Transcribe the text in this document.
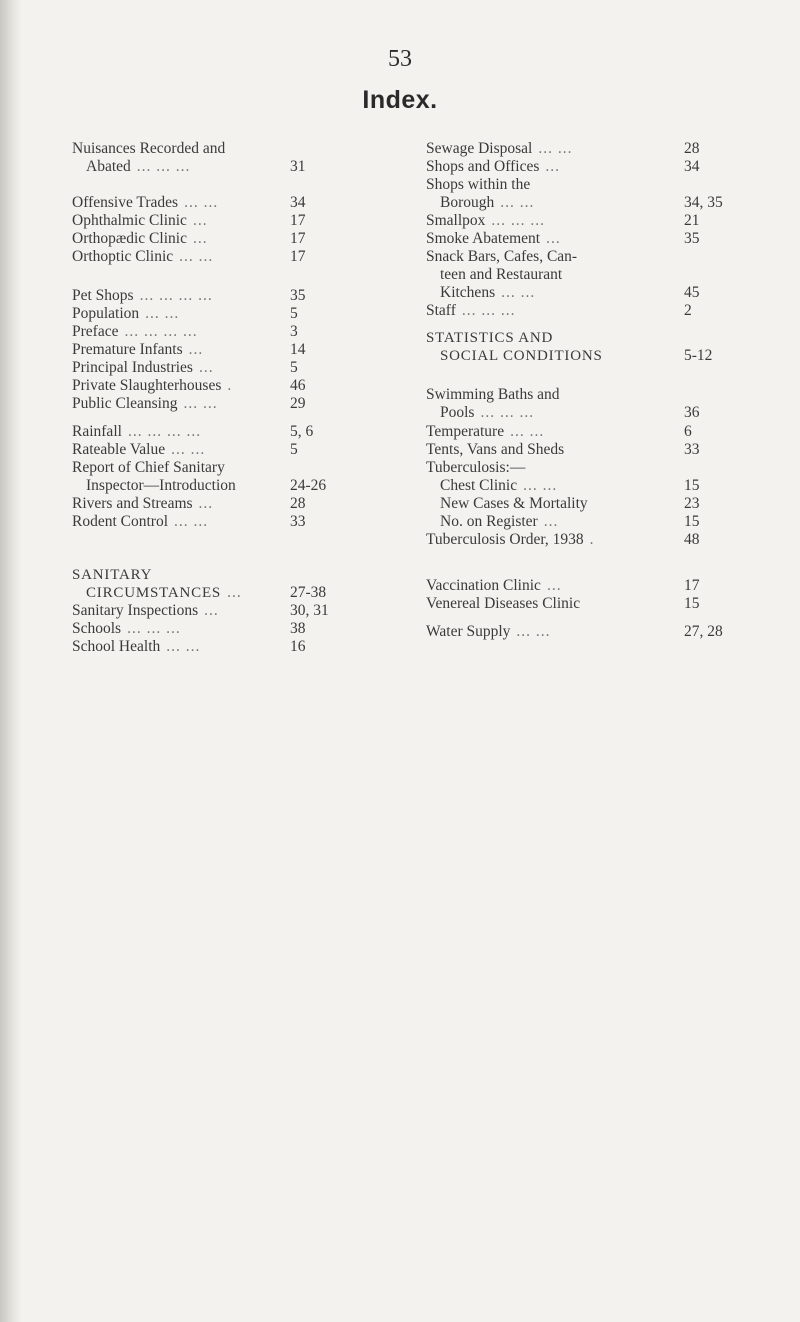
53
Index.
Nuisances Recorded and
Abated ... ... ...	31
Offensive Trades ... ...	34
Ophthalmic Clinic ...	17
Orthopædic Clinic ...	17
Orthoptic Clinic ... ...	17
Pet Shops ... ... ... ...	35
Population ... ...	5
Preface ... ... ... ...	3
Premature Infants ...	14
Principal Industries ...	5
Private Slaughterhouses .	46
Public Cleansing ... ...	29
Rainfall ... ... ... ...	5, 6
Rateable Value ... ...	5
Report of Chief Sanitary
Inspector—Introduction	24-26
Rivers and Streams ...	28
Rodent Control ... ...	33
SANITARY
CIRCUMSTANCES ...	27-38
Sanitary Inspections ...	30, 31
Schools ... ... ...	38
School Health ... ...	16
Sewage Disposal ... ...	28
Shops and Offices ...	34
Shops within the
Borough ... ...	34, 35
Smallpox ... ... ...	21
Smoke Abatement ...	35
Snack Bars, Cafes, Can-
teen and Restaurant
Kitchens ... ...	45
Staff ... ... ...	2
STATISTICS AND
SOCIAL CONDITIONS	5-12
Swimming Baths and
Pools ... ... ...	36
Temperature ... ...	6
Tents, Vans and Sheds	33
Tuberculosis:—
Chest Clinic ... ...	15
New Cases & Mortality	23
No. on Register ...	15
Tuberculosis Order, 1938 .	48
Vaccination Clinic ...	17
Venereal Diseases Clinic	15
Water Supply ... ...	27, 28
